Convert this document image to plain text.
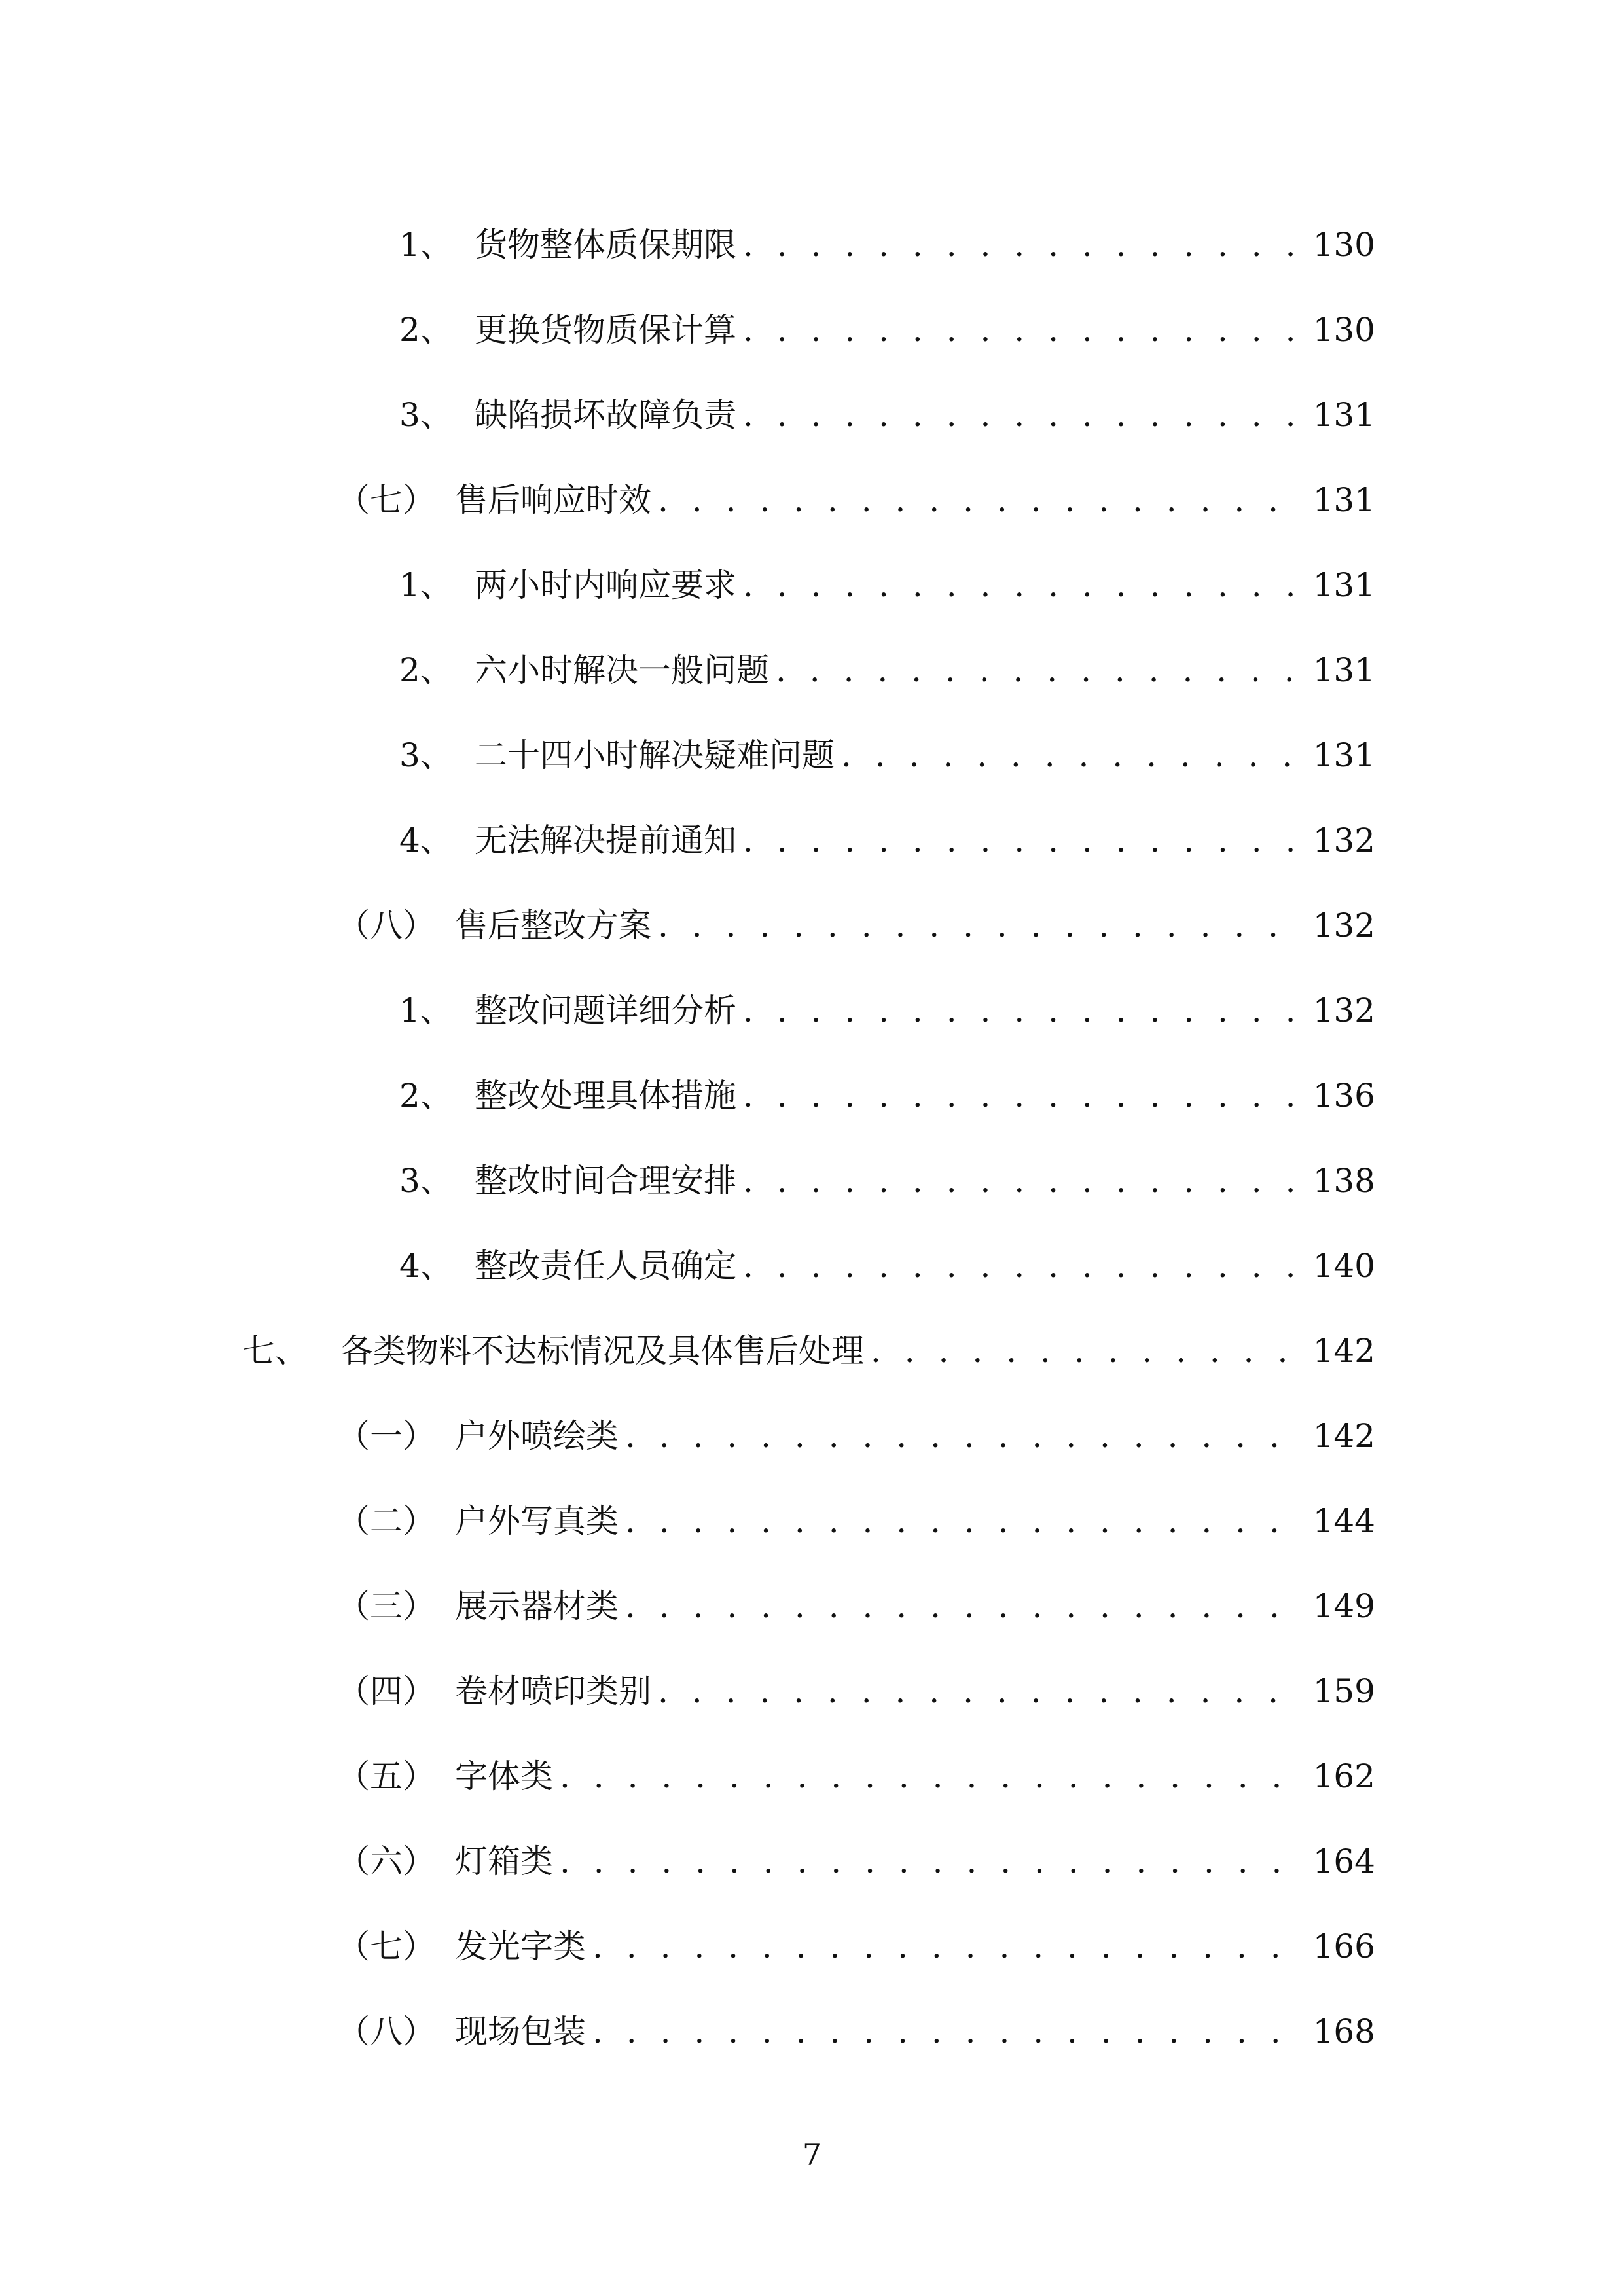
1、 货物整体质保期限 . . .	130
2、 更换货物质保计算 . . .	130
3、 缺陷损坏故障负责 . . .	131
（七） 售后响应时效 . . .	131
1、 两小时内响应要求 . . .	131
2、 六小时解决一般问题 . . .	131
3、 二十四小时解决疑难问题 . . .	131
4、 无法解决提前通知 . . .	132
（八） 售后整改方案 . . .	132
1、 整改问题详细分析 . . .	132
2、 整改处理具体措施 . . .	136
3、 整改时间合理安排 . . .	138
4、 整改责任人员确定 . . .	140
七、 各类物料不达标情况及具体售后处理 . . .	142
（一） 户外喷绘类 . . .	142
（二） 户外写真类 . . .	144
（三） 展示器材类 . . .	149
（四） 卷材喷印类别 . . .	159
（五） 字体类 . . .	162
（六） 灯箱类 . . .	164
（七） 发光字类 . . .	166
（八） 现场包装 . . .	168
7
